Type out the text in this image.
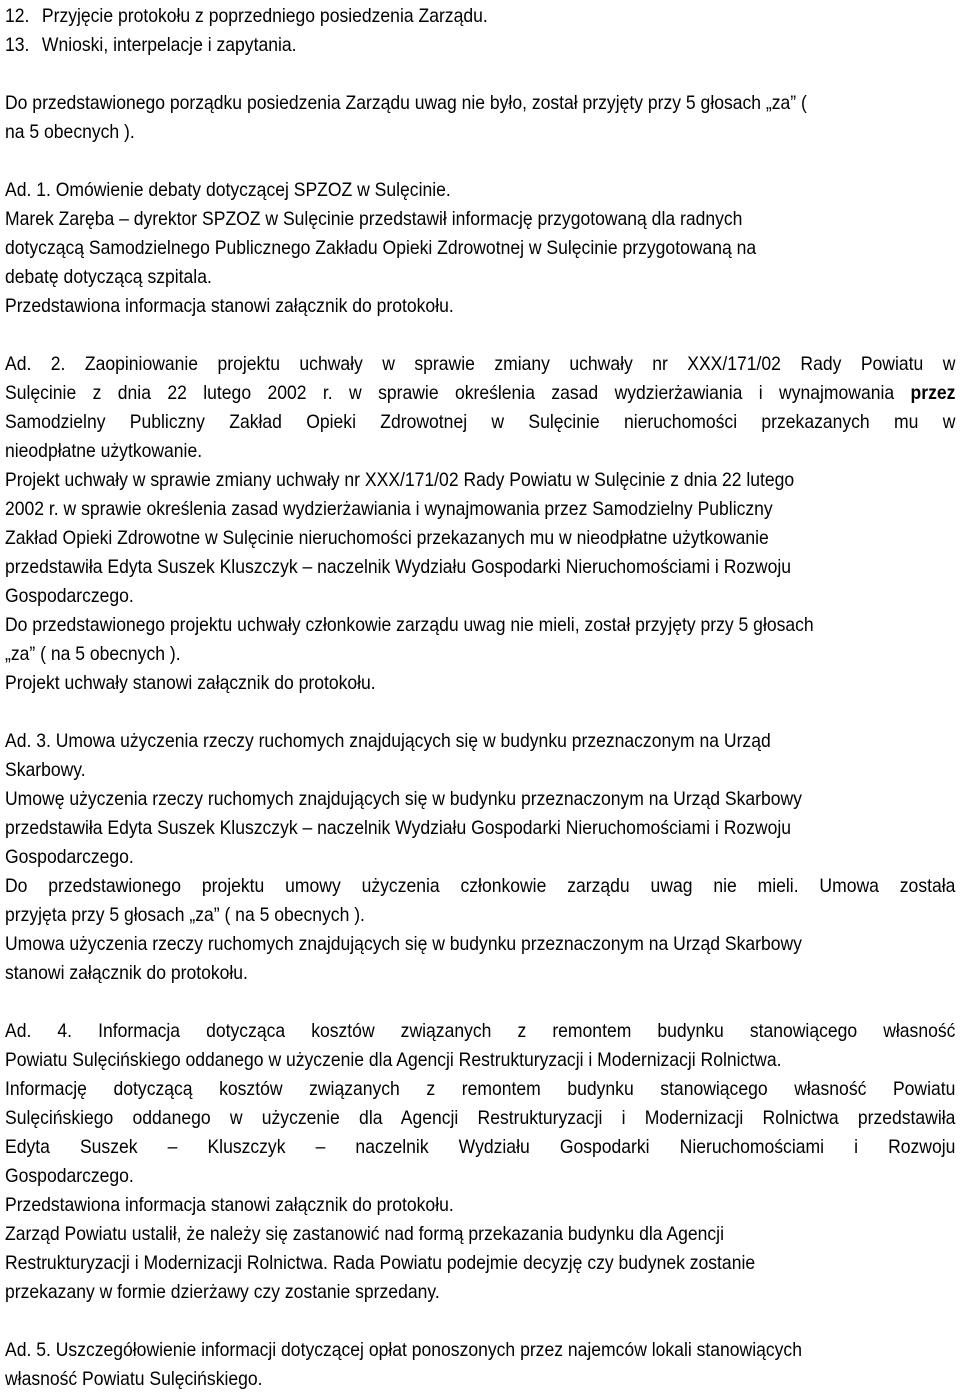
12. Przyjęcie protokołu z poprzedniego posiedzenia Zarządu.
13. Wnioski, interpelacje i zapytania.
Do przedstawionego porządku posiedzenia Zarządu uwag nie było, został przyjęty przy 5 głosach „za” (
na 5 obecnych ).
Ad. 1. Omówienie debaty dotyczącej SPZOZ w Sulęcinie.
Marek Zaręba – dyrektor SPZOZ w Sulęcinie przedstawił informację przygotowaną dla radnych
dotyczącą Samodzielnego Publicznego Zakładu Opieki Zdrowotnej w Sulęcinie przygotowaną na
debatę dotyczącą szpitala.
Przedstawiona informacja stanowi załącznik do protokołu.
Ad. 2. Zaopiniowanie projektu uchwały w sprawie zmiany uchwały nr XXX/171/02 Rady Powiatu w
Sulęcinie z dnia 22 lutego 2002 r. w sprawie określenia zasad wydzierżawiania i wynajmowania przez
Samodzielny Publiczny Zakład Opieki Zdrowotnej w Sulęcinie nieruchomości przekazanych mu w
nieodpłatne użytkowanie.
Projekt uchwały w sprawie zmiany uchwały nr XXX/171/02 Rady Powiatu w Sulęcinie z dnia 22 lutego
2002 r. w sprawie określenia zasad wydzierżawiania i wynajmowania przez Samodzielny Publiczny
Zakład Opieki Zdrowotne w Sulęcinie nieruchomości przekazanych mu w nieodpłatne użytkowanie
przedstawiła Edyta Suszek Kluszczyk – naczelnik Wydziału Gospodarki Nieruchomościami i Rozwoju
Gospodarczego.
Do przedstawionego projektu uchwały członkowie zarządu uwag nie mieli, został przyjęty przy 5 głosach
„za” ( na 5 obecnych ).
Projekt uchwały stanowi załącznik do protokołu.
Ad. 3. Umowa użyczenia rzeczy ruchomych znajdujących się w budynku przeznaczonym na Urząd
Skarbowy.
Umowę użyczenia rzeczy ruchomych znajdujących się w budynku przeznaczonym na Urząd Skarbowy
przedstawiła Edyta Suszek Kluszczyk – naczelnik Wydziału Gospodarki Nieruchomościami i Rozwoju
Gospodarczego.
Do przedstawionego projektu umowy użyczenia członkowie zarządu uwag nie mieli. Umowa została
przyjęta przy 5 głosach „za” ( na 5 obecnych ).
Umowa użyczenia rzeczy ruchomych znajdujących się w budynku przeznaczonym na Urząd Skarbowy
stanowi załącznik do protokołu.
Ad. 4. Informacja dotycząca kosztów związanych z remontem budynku stanowiącego własność
Powiatu Sulęcińskiego oddanego w użyczenie dla Agencji Restrukturyzacji i Modernizacji Rolnictwa.
Informację dotyczącą kosztów związanych z remontem budynku stanowiącego własność Powiatu
Sulęcińskiego oddanego w użyczenie dla Agencji Restrukturyzacji i Modernizacji Rolnictwa przedstawiła
Edyta Suszek – Kluszczyk – naczelnik Wydziału Gospodarki Nieruchomościami i Rozwoju
Gospodarczego.
Przedstawiona informacja stanowi załącznik do protokołu.
Zarząd Powiatu ustalił, że należy się zastanowić nad formą przekazania budynku dla Agencji
Restrukturyzacji i Modernizacji Rolnictwa. Rada Powiatu podejmie decyzję czy budynek zostanie
przekazany w formie dzierżawy czy zostanie sprzedany.
Ad. 5. Uszczegółowienie informacji dotyczącej opłat ponoszonych przez najemców lokali stanowiących
własność Powiatu Sulęcińskiego.
